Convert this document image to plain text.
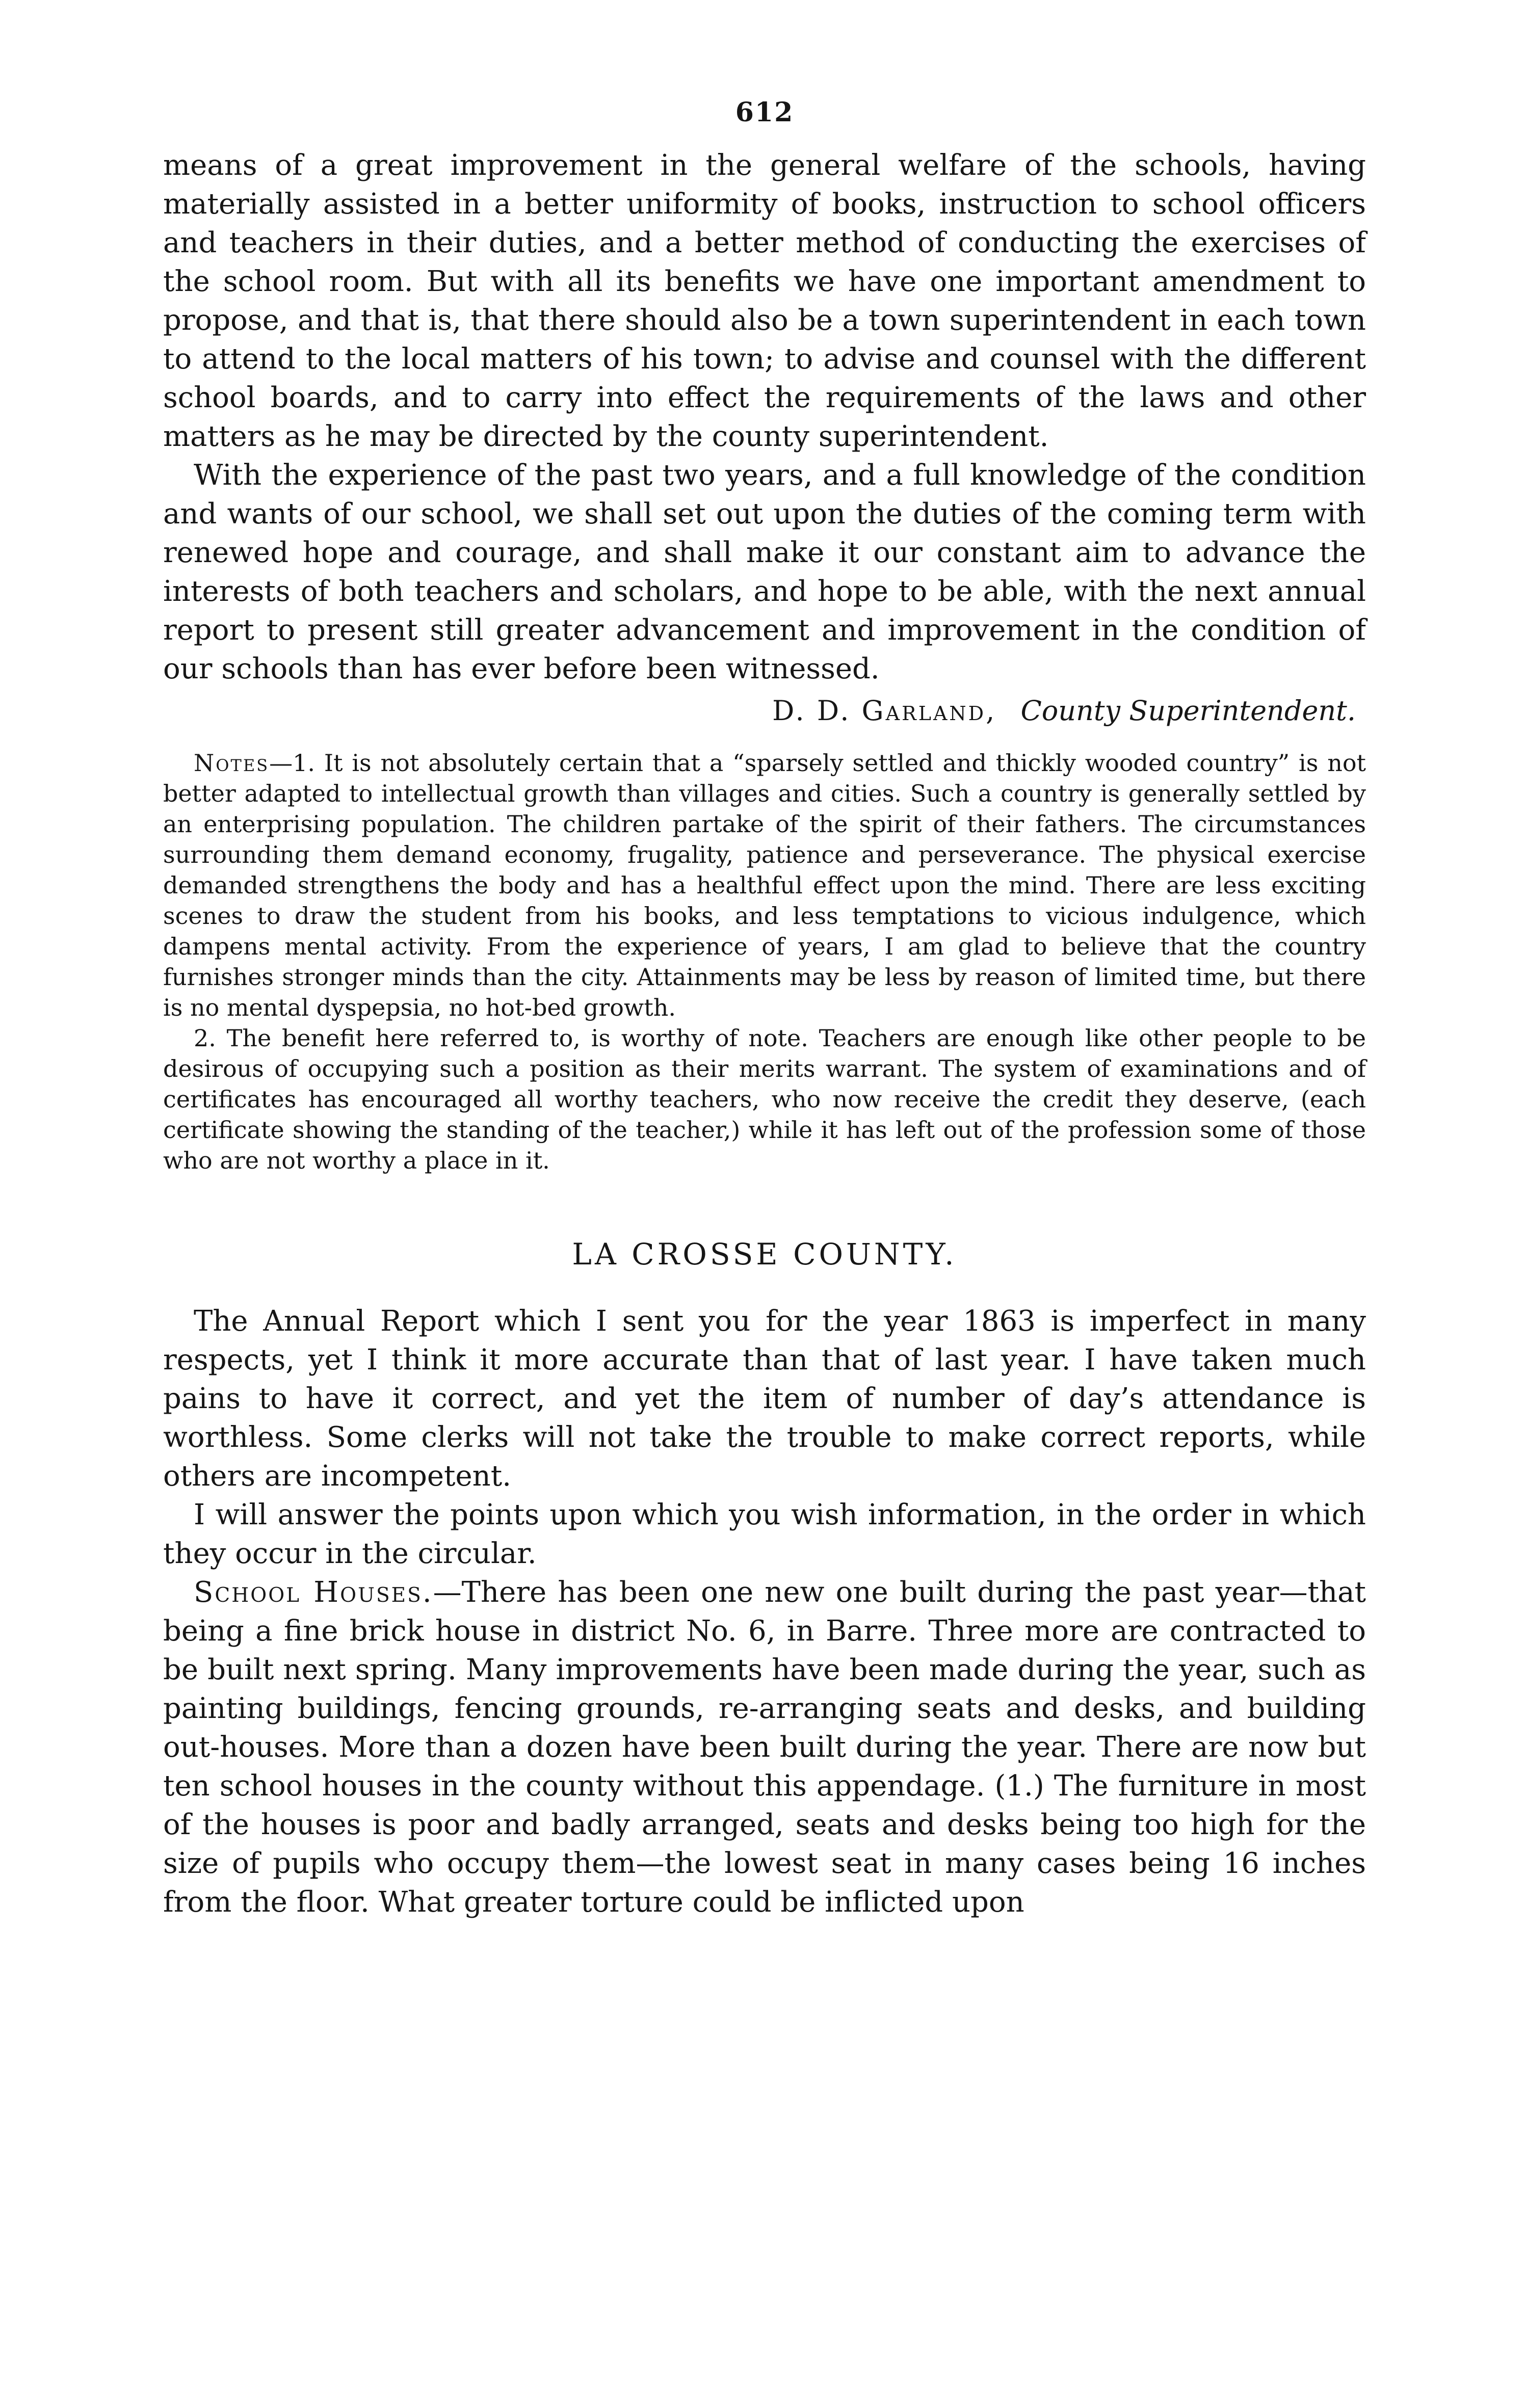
612

means of a great improvement in the general welfare of the schools, having materially assisted in a better uniformity of books, instruction to school officers and teachers in their duties, and a better method of conducting the exercises of the school room. But with all its benefits we have one important amendment to propose, and that is, that there should also be a town superintendent in each town to attend to the local matters of his town; to advise and counsel with the different school boards, and to carry into effect the requirements of the laws and other matters as he may be directed by the county superintendent.

With the experience of the past two years, and a full knowledge of the condition and wants of our school, we shall set out upon the duties of the coming term with renewed hope and courage, and shall make it our constant aim to advance the interests of both teachers and scholars, and hope to be able, with the next annual report to present still greater advancement and improvement in the condition of our schools than has ever before been witnessed.

D. D. Garland, County Superintendent.

Notes—1. It is not absolutely certain that a “sparsely settled and thickly wooded country” is not better adapted to intellectual growth than villages and cities. Such a country is generally settled by an enterprising population. The children partake of the spirit of their fathers. The circumstances surrounding them demand economy, frugality, patience and perseverance. The physical exercise demanded strengthens the body and has a healthful effect upon the mind. There are less exciting scenes to draw the student from his books, and less temptations to vicious indulgence, which dampens mental activity. From the experience of years, I am glad to believe that the country furnishes stronger minds than the city. Attainments may be less by reason of limited time, but there is no mental dyspepsia, no hot-bed growth.

2. The benefit here referred to, is worthy of note. Teachers are enough like other people to be desirous of occupying such a position as their merits warrant. The system of examinations and of certificates has encouraged all worthy teachers, who now receive the credit they deserve, (each certificate showing the standing of the teacher,) while it has left out of the profession some of those who are not worthy a place in it.

LA CROSSE COUNTY.

The Annual Report which I sent you for the year 1863 is imperfect in many respects, yet I think it more accurate than that of last year. I have taken much pains to have it correct, and yet the item of number of day’s attendance is worthless. Some clerks will not take the trouble to make correct reports, while others are incompetent.

I will answer the points upon which you wish information, in the order in which they occur in the circular.

School Houses.—There has been one new one built during the past year—that being a fine brick house in district No. 6, in Barre. Three more are contracted to be built next spring. Many improvements have been made during the year, such as painting buildings, fencing grounds, re-arranging seats and desks, and building out-houses. More than a dozen have been built during the year. There are now but ten school houses in the county without this appendage. (1.) The furniture in most of the houses is poor and badly arranged, seats and desks being too high for the size of pupils who occupy them—the lowest seat in many cases being 16 inches from the floor. What greater torture could be inflicted upon
